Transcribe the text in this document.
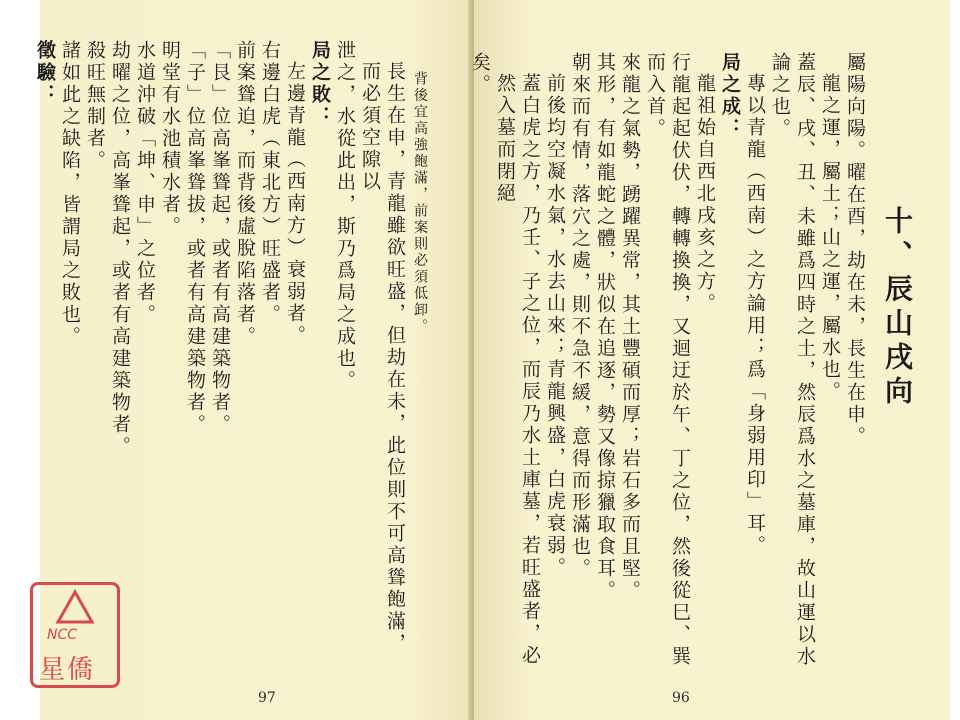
背後宜高強飽滿，前案則必須低卸。
長生在申，青龍雖欲旺盛，但劫在未，此位則不可高聳飽滿，而必須空隙以
泄之，水從此出，斯乃爲局之成也。
局之敗：
左邊青龍（西南方）衰弱者。
右邊白虎（東北方）旺盛者。
前案聳迫，而背後虛脫陷落者。
「艮」位高峯聳起，或者有高建築物者。
「子」位高峯聳拔，或者有高建築物者。
明堂有水池積水者。
水道沖破「坤、申」之位者。
劫曜之位，高峯聳起，或者有高建築物者。
殺旺無制者。
諸如此之缺陷，皆謂局之敗也。
徵驗：
97
十、辰山戌向
屬陽向陽。曜在酉，劫在未，長生在申。
龍之運，屬土；山之運，屬水也。
蓋辰、戌、丑、未雖爲四時之土，然辰爲水之墓庫，故山運以水論之也。
專以青龍（西南）之方論用；爲「身弱用印」耳。
局之成：
龍祖始自西北戌亥之方。
行龍起起伏伏，轉轉換換，又迴迂於午、丁之位，然後從巳、巽而入首。
來龍之氣勢，踴躍異常，其土豐碩而厚；岩石多而且堅。
其形，有如龍蛇之體，狀似在追逐，勢又像掠獵取食耳。
朝來而有情，落穴之處，則不急不緩，意得而形滿也。
前後均空凝水氣，水去山來；青龍興盛，白虎衰弱。
蓋白虎之方，乃壬、子之位，而辰乃水土庫墓，若旺盛者，必然入墓而閉絕
矣。
96
NCC
星僑
